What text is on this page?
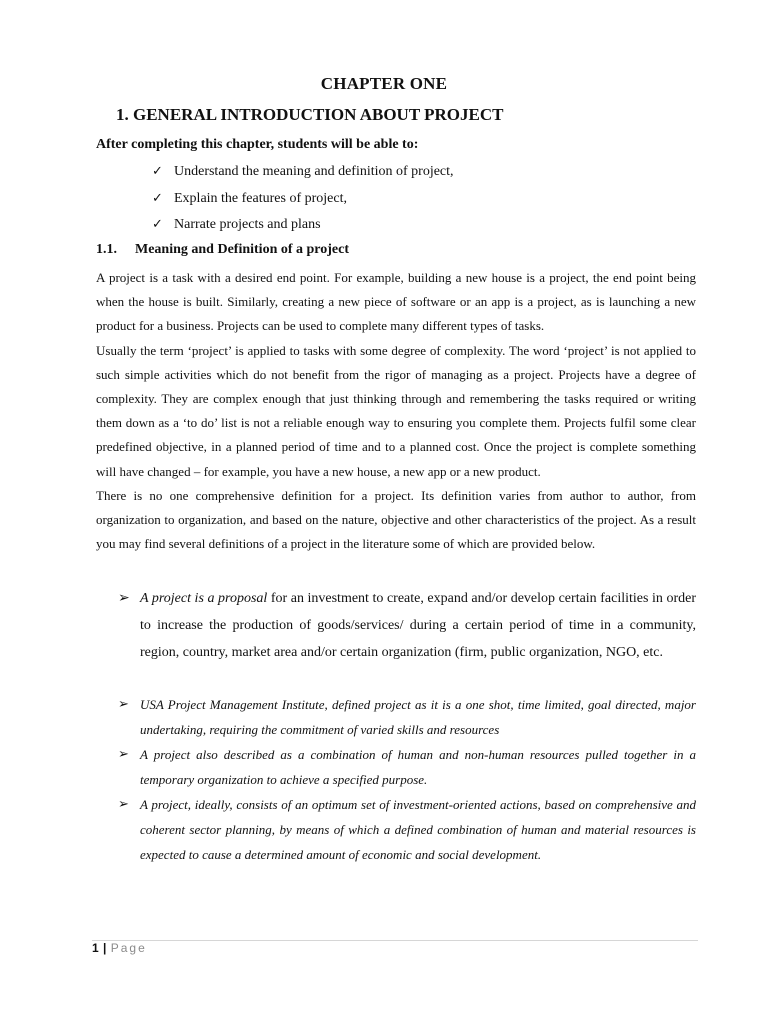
CHAPTER ONE
1. GENERAL INTRODUCTION ABOUT PROJECT
After completing this chapter, students will be able to:
✓ Understand the meaning and definition of project,
✓ Explain the features of project,
✓ Narrate projects and plans
1.1. Meaning and Definition of a project

A project is a task with a desired end point. For example, building a new house is a project, the end point being when the house is built. Similarly, creating a new piece of software or an app is a project, as is launching a new product for a business. Projects can be used to complete many different types of tasks.

Usually the term ‘project’ is applied to tasks with some degree of complexity. The word ‘project’ is not applied to such simple activities which do not benefit from the rigor of managing as a project. Projects have a degree of complexity. They are complex enough that just thinking through and remembering the tasks required or writing them down as a ‘to do’ list is not a reliable enough way to ensuring you complete them. Projects fulfil some clear predefined objective, in a planned period of time and to a planned cost. Once the project is complete something will have changed – for example, you have a new house, a new app or a new product.

There is no one comprehensive definition for a project. Its definition varies from author to author, from organization to organization, and based on the nature, objective and other characteristics of the project. As a result you may find several definitions of a project in the literature some of which are provided below.

➢ A project is a proposal for an investment to create, expand and/or develop certain facilities in order to increase the production of goods/services/ during a certain period of time in a community, region, country, market area and/or certain organization (firm, public organization, NGO, etc.
➢ USA Project Management Institute, defined project as it is a one shot, time limited, goal directed, major undertaking, requiring the commitment of varied skills and resources
➢ A project also described as a combination of human and non-human resources pulled together in a temporary organization to achieve a specified purpose.
➢ A project, ideally, consists of an optimum set of investment-oriented actions, based on comprehensive and coherent sector planning, by means of which a defined combination of human and material resources is expected to cause a determined amount of economic and social development.
1 | Page
